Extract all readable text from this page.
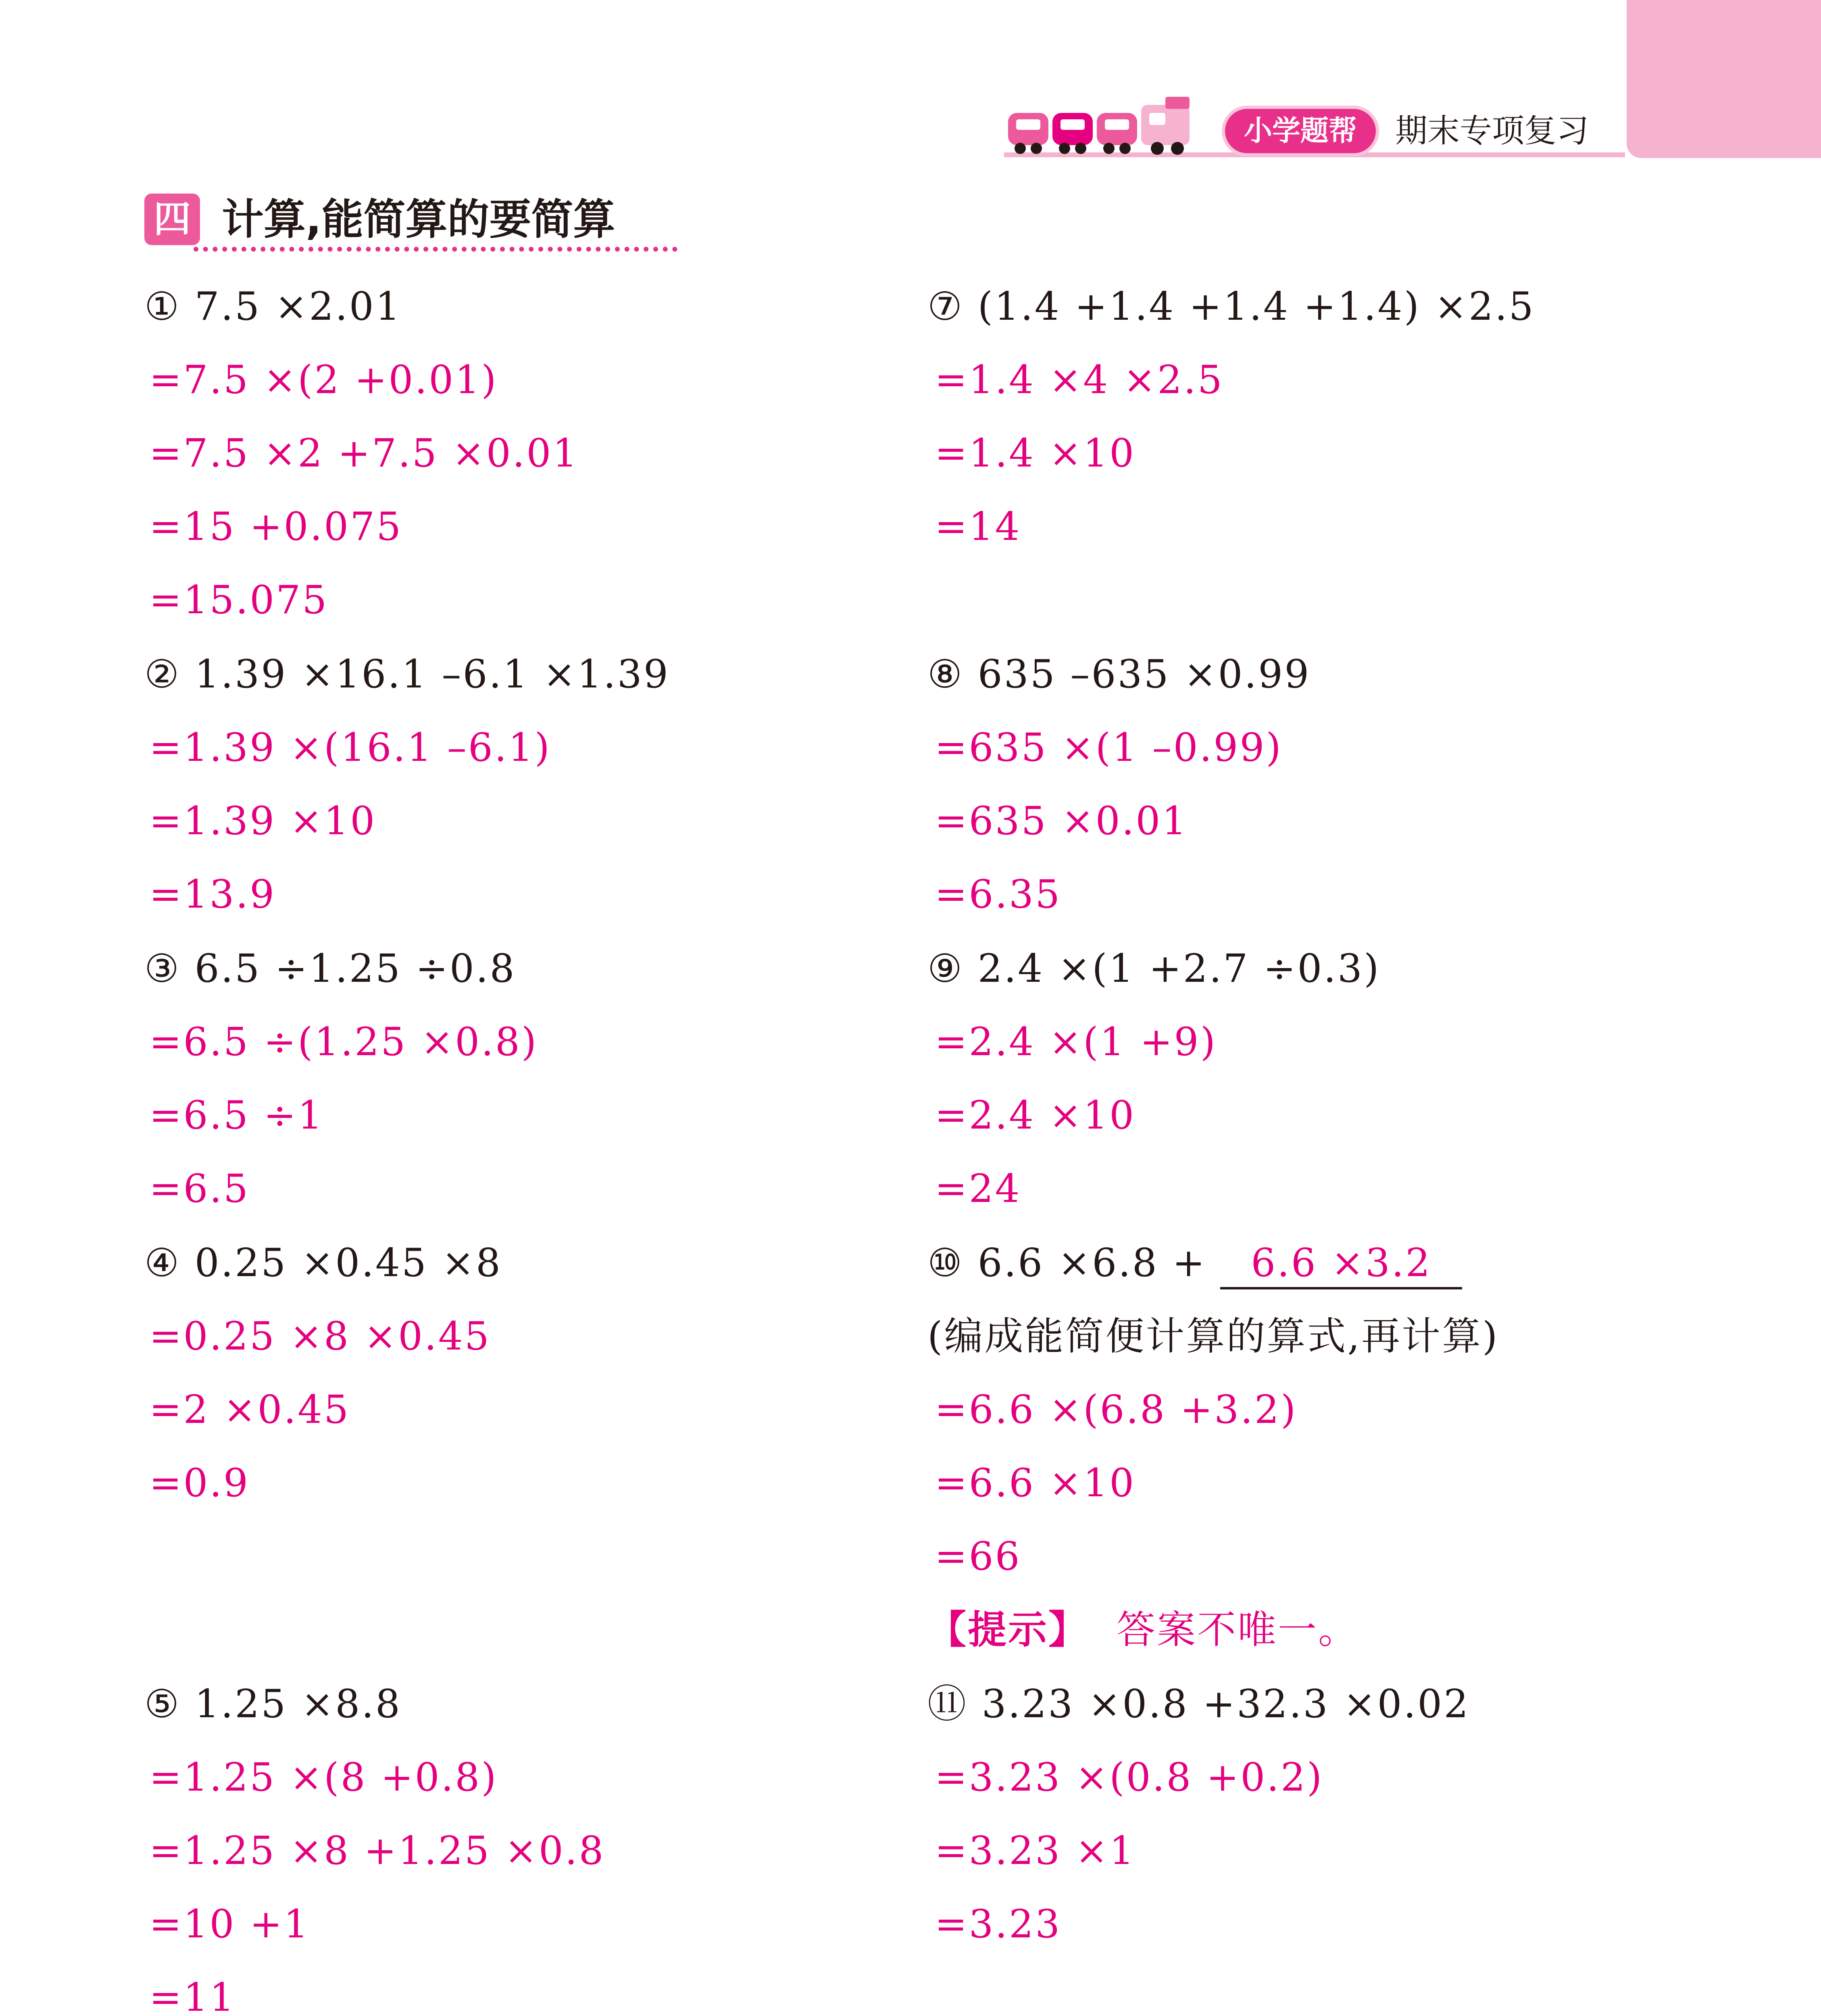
小学题帮	期末专项复习
四 计算,能简算的要简算
① 7.5 ×2.01
=7.5 ×(2 +0.01)
=7.5 ×2 +7.5 ×0.01
=15 +0.075
=15.075
② 1.39 ×16.1 –6.1 ×1.39
=1.39 ×(16.1 –6.1)
=1.39 ×10
=13.9
③ 6.5 ÷1.25 ÷0.8
=6.5 ÷(1.25 ×0.8)
=6.5 ÷1
=6.5
④ 0.25 ×0.45 ×8
=0.25 ×8 ×0.45
=2 ×0.45
=0.9
⑤ 1.25 ×8.8
=1.25 ×(8 +0.8)
=1.25 ×8 +1.25 ×0.8
=10 +1
=11
⑦ (1.4 +1.4 +1.4 +1.4) ×2.5
=1.4 ×4 ×2.5
=1.4 ×10
=14
⑧ 635 –635 ×0.99
=635 ×(1 –0.99)
=635 ×0.01
=6.35
⑨ 2.4 ×(1 +2.7 ÷0.3)
=2.4 ×(1 +9)
=2.4 ×10
=24
⑩ 6.6 ×6.8 + 6.6 ×3.2
(编成能简便计算的算式,再计算)
=6.6 ×(6.8 +3.2)
=6.6 ×10
=66
【提示】 答案不唯一。
⑪ 3.23 ×0.8 +32.3 ×0.02
=3.23 ×(0.8 +0.2)
=3.23 ×1
=3.23
